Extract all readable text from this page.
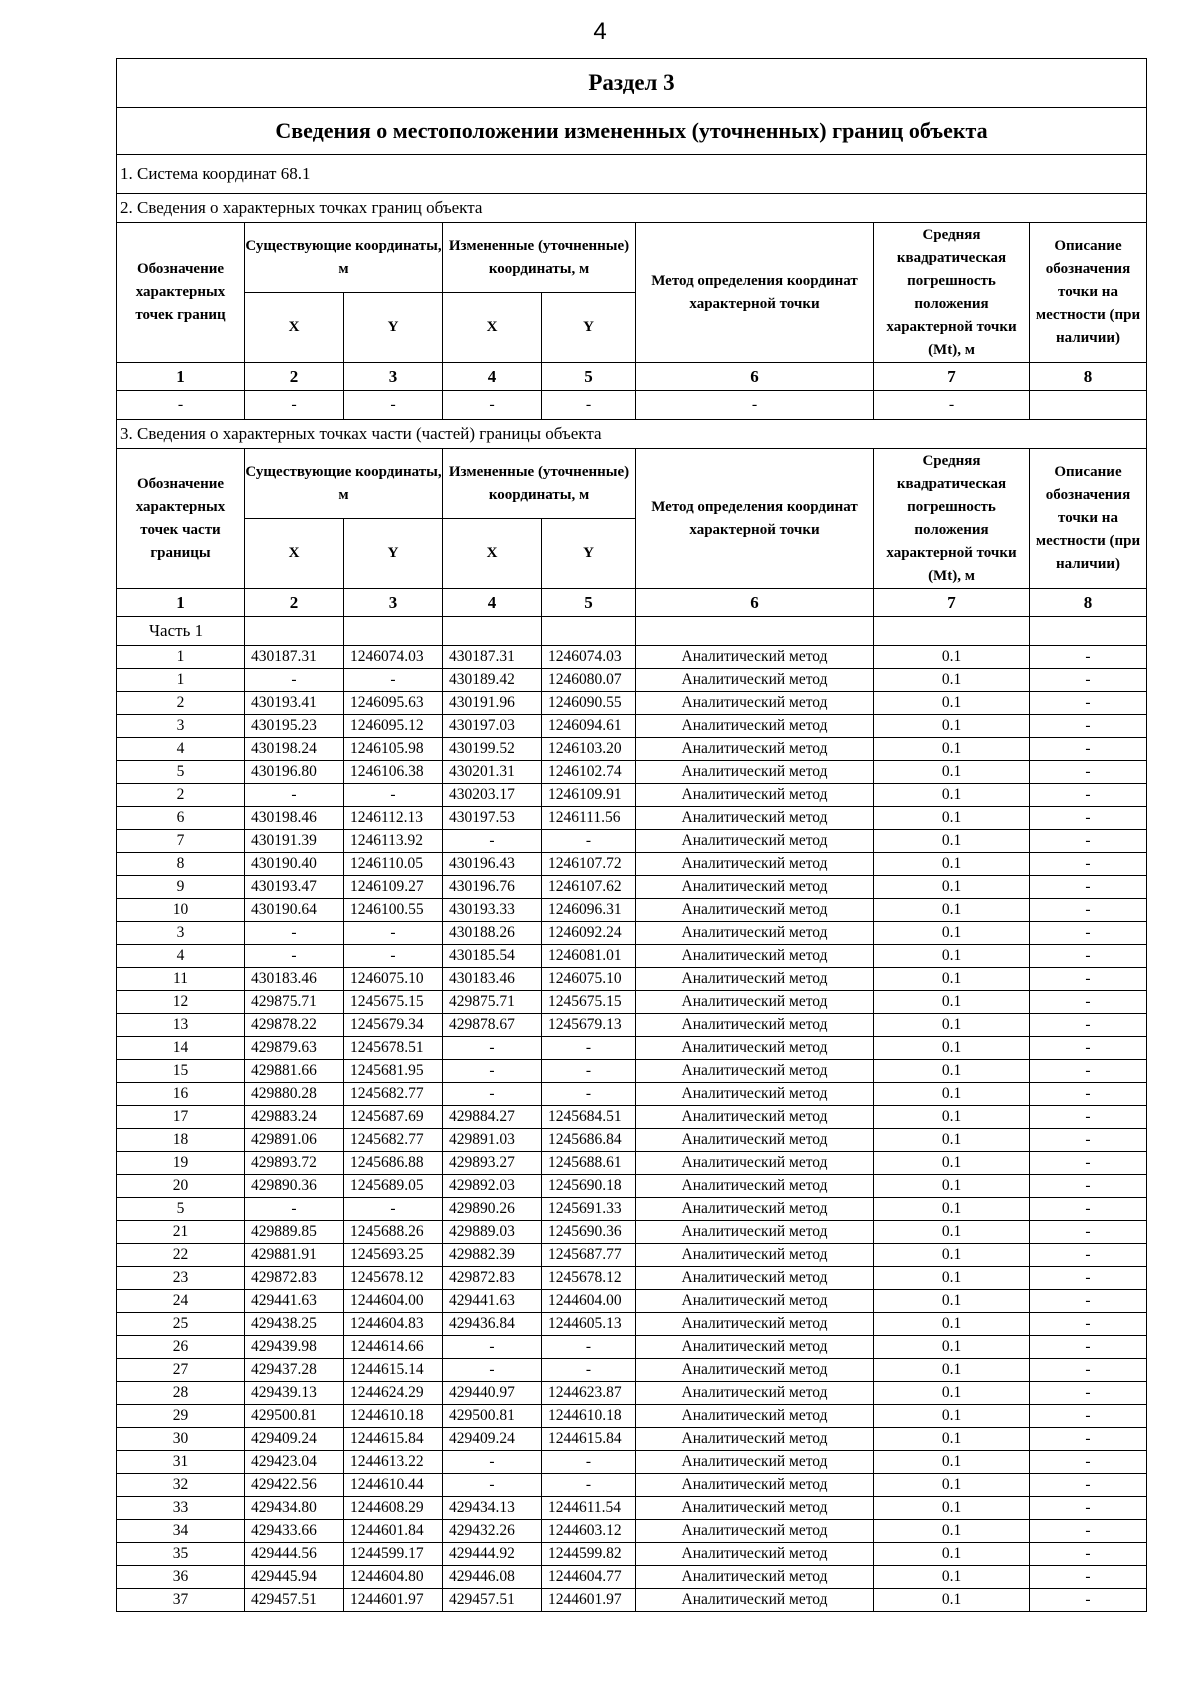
4
Раздел 3							
Сведения о местоположении измененных (уточненных) границ объекта							
1. Система координат 68.1							
2. Сведения о характерных точках границ объекта							
Обозначение характерных точек границ	Существующие координаты, м		Измененные (уточненные) координаты, м		Метод определения координат характерной точки	Средняя квадратическая погрешность положения характерной точки (Mt), м	Описание обозначения точки на местности (при наличии)
	X	Y	X	Y			
1	2	3	4	5	6	7	8
-	-	-	-	-	-	-	
3. Сведения о характерных точках части (частей) границы объекта							
Обозначение характерных точек части границы	Существующие координаты, м		Измененные (уточненные) координаты, м		Метод определения координат характерной точки	Средняя квадратическая погрешность положения характерной точки (Mt), м	Описание обозначения точки на местности (при наличии)
	X	Y	X	Y			
1	2	3	4	5	6	7	8
Часть 1							
1	430187.31	1246074.03	430187.31	1246074.03	Аналитический метод	0.1	-
1	-	-	430189.42	1246080.07	Аналитический метод	0.1	-
2	430193.41	1246095.63	430191.96	1246090.55	Аналитический метод	0.1	-
3	430195.23	1246095.12	430197.03	1246094.61	Аналитический метод	0.1	-
4	430198.24	1246105.98	430199.52	1246103.20	Аналитический метод	0.1	-
5	430196.80	1246106.38	430201.31	1246102.74	Аналитический метод	0.1	-
2	-	-	430203.17	1246109.91	Аналитический метод	0.1	-
6	430198.46	1246112.13	430197.53	1246111.56	Аналитический метод	0.1	-
7	430191.39	1246113.92	-	-	Аналитический метод	0.1	-
8	430190.40	1246110.05	430196.43	1246107.72	Аналитический метод	0.1	-
9	430193.47	1246109.27	430196.76	1246107.62	Аналитический метод	0.1	-
10	430190.64	1246100.55	430193.33	1246096.31	Аналитический метод	0.1	-
3	-	-	430188.26	1246092.24	Аналитический метод	0.1	-
4	-	-	430185.54	1246081.01	Аналитический метод	0.1	-
11	430183.46	1246075.10	430183.46	1246075.10	Аналитический метод	0.1	-
12	429875.71	1245675.15	429875.71	1245675.15	Аналитический метод	0.1	-
13	429878.22	1245679.34	429878.67	1245679.13	Аналитический метод	0.1	-
14	429879.63	1245678.51	-	-	Аналитический метод	0.1	-
15	429881.66	1245681.95	-	-	Аналитический метод	0.1	-
16	429880.28	1245682.77	-	-	Аналитический метод	0.1	-
17	429883.24	1245687.69	429884.27	1245684.51	Аналитический метод	0.1	-
18	429891.06	1245682.77	429891.03	1245686.84	Аналитический метод	0.1	-
19	429893.72	1245686.88	429893.27	1245688.61	Аналитический метод	0.1	-
20	429890.36	1245689.05	429892.03	1245690.18	Аналитический метод	0.1	-
5	-	-	429890.26	1245691.33	Аналитический метод	0.1	-
21	429889.85	1245688.26	429889.03	1245690.36	Аналитический метод	0.1	-
22	429881.91	1245693.25	429882.39	1245687.77	Аналитический метод	0.1	-
23	429872.83	1245678.12	429872.83	1245678.12	Аналитический метод	0.1	-
24	429441.63	1244604.00	429441.63	1244604.00	Аналитический метод	0.1	-
25	429438.25	1244604.83	429436.84	1244605.13	Аналитический метод	0.1	-
26	429439.98	1244614.66	-	-	Аналитический метод	0.1	-
27	429437.28	1244615.14	-	-	Аналитический метод	0.1	-
28	429439.13	1244624.29	429440.97	1244623.87	Аналитический метод	0.1	-
29	429500.81	1244610.18	429500.81	1244610.18	Аналитический метод	0.1	-
30	429409.24	1244615.84	429409.24	1244615.84	Аналитический метод	0.1	-
31	429423.04	1244613.22	-	-	Аналитический метод	0.1	-
32	429422.56	1244610.44	-	-	Аналитический метод	0.1	-
33	429434.80	1244608.29	429434.13	1244611.54	Аналитический метод	0.1	-
34	429433.66	1244601.84	429432.26	1244603.12	Аналитический метод	0.1	-
35	429444.56	1244599.17	429444.92	1244599.82	Аналитический метод	0.1	-
36	429445.94	1244604.80	429446.08	1244604.77	Аналитический метод	0.1	-
37	429457.51	1244601.97	429457.51	1244601.97	Аналитический метод	0.1	-
